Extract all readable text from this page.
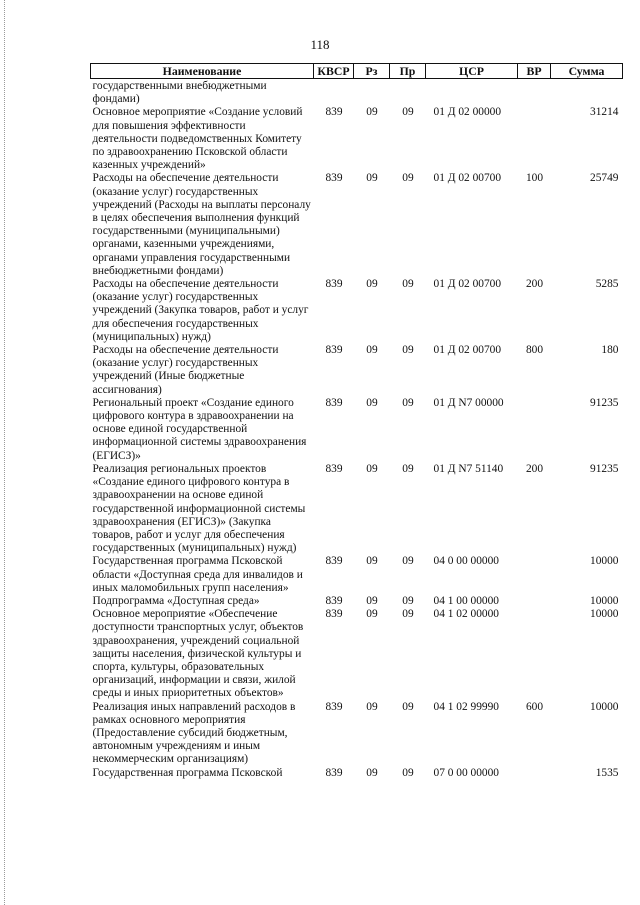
118
Наименование	КВСР	Рз	Пр	ЦСР	ВР	Сумма
государственными внебюджетными фондами)						
Основное мероприятие «Создание условий для повышения эффективности деятельности подведомственных Комитету по здравоохранению Псковской области казенных учреждений»	839	09	09	01 Д 02 00000		31214
Расходы на обеспечение деятельности (оказание услуг) государственных учреждений (Расходы на выплаты персоналу в целях обеспечения выполнения функций государственными (муниципальными) органами, казенными учреждениями, органами управления государственными внебюджетными фондами)	839	09	09	01 Д 02 00700	100	25749
Расходы на обеспечение деятельности (оказание услуг) государственных учреждений (Закупка товаров, работ и услуг для обеспечения государственных (муниципальных) нужд)	839	09	09	01 Д 02 00700	200	5285
Расходы на обеспечение деятельности (оказание услуг) государственных учреждений (Иные бюджетные ассигнования)	839	09	09	01 Д 02 00700	800	180
Региональный проект «Создание единого цифрового контура в здравоохранении на основе единой государственной информационной системы здравоохранения (ЕГИСЗ)»	839	09	09	01 Д N7 00000		91235
Реализация региональных проектов «Создание единого цифрового контура в здравоохранении на основе единой государственной информационной системы здравоохранения (ЕГИСЗ)» (Закупка товаров, работ и услуг для обеспечения государственных (муниципальных) нужд)	839	09	09	01 Д N7 51140	200	91235
Государственная программа Псковской области «Доступная среда для инвалидов и иных маломобильных групп населения»	839	09	09	04 0 00 00000		10000
Подпрограмма «Доступная среда»	839	09	09	04 1 00 00000		10000
Основное мероприятие «Обеспечение доступности транспортных услуг, объектов здравоохранения, учреждений социальной защиты населения, физической культуры и спорта, культуры, образовательных организаций, информации и связи, жилой среды и иных приоритетных объектов»	839	09	09	04 1 02 00000		10000
Реализация иных направлений расходов в рамках основного мероприятия (Предоставление субсидий бюджетным, автономным учреждениям и иным некоммерческим организациям)	839	09	09	04 1 02 99990	600	10000
Государственная программа Псковской	839	09	09	07 0 00 00000		1535
